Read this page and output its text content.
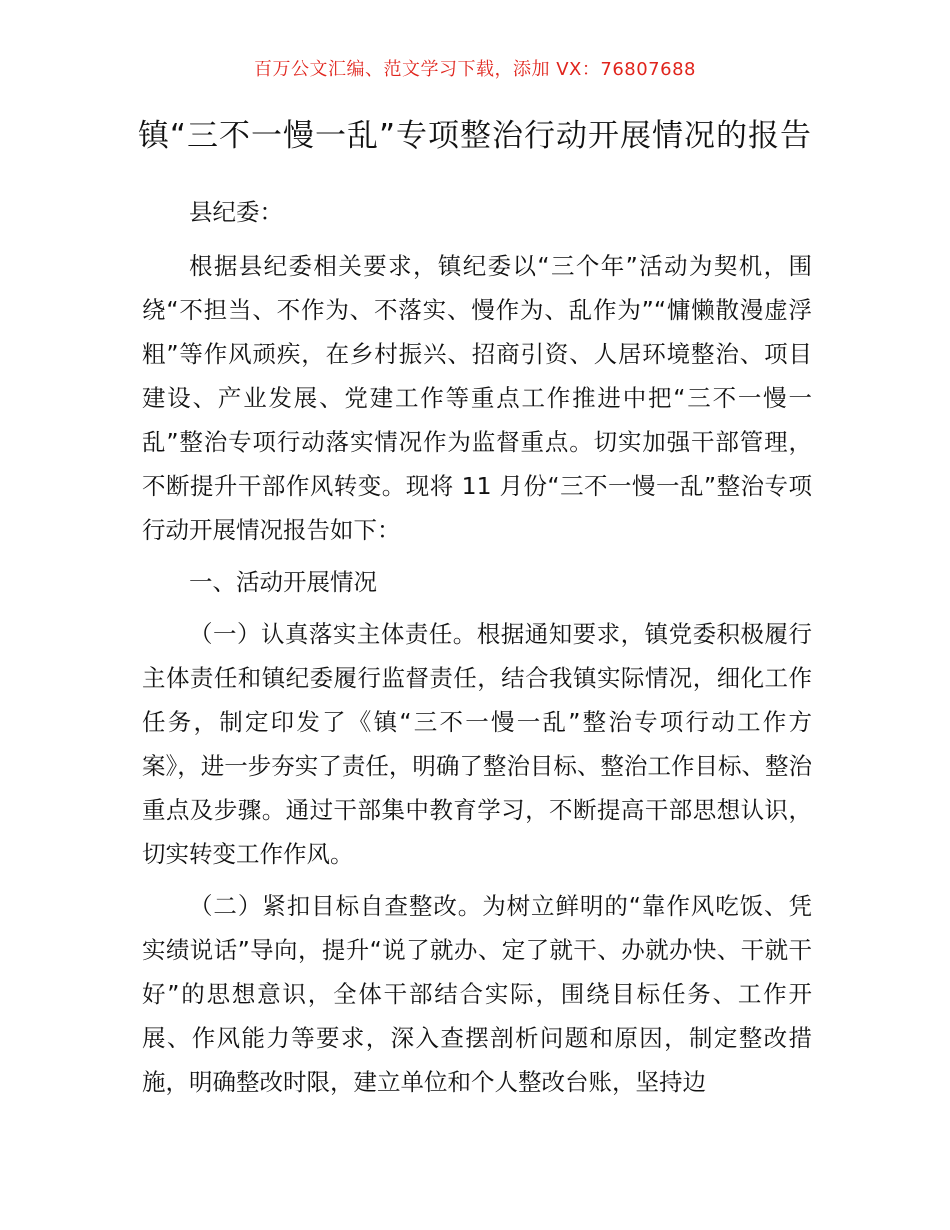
百万公文汇编、范文学习下载，添加 VX：76807688
镇“三不一慢一乱”专项整治行动开展情况的报告

县纪委：

根据县纪委相关要求，镇纪委以“三个年”活动为契机，围绕“不担当、不作为、不落实、慢作为、乱作为”“慵懒散漫虚浮粗”等作风顽疾，在乡村振兴、招商引资、人居环境整治、项目建设、产业发展、党建工作等重点工作推进中把“三不一慢一乱”整治专项行动落实情况作为监督重点。切实加强干部管理，不断提升干部作风转变。现将 11 月份“三不一慢一乱”整治专项行动开展情况报告如下：

一、活动开展情况

（一）认真落实主体责任。根据通知要求，镇党委积极履行主体责任和镇纪委履行监督责任，结合我镇实际情况，细化工作任务，制定印发了《镇“三不一慢一乱”整治专项行动工作方案》，进一步夯实了责任，明确了整治目标、整治工作目标、整治重点及步骤。通过干部集中教育学习，不断提高干部思想认识，切实转变工作作风。

（二）紧扣目标自查整改。为树立鲜明的“靠作风吃饭、凭实绩说话”导向，提升“说了就办、定了就干、办就办快、干就干好”的思想意识，全体干部结合实际，围绕目标任务、工作开展、作风能力等要求，深入查摆剖析问题和原因，制定整改措施，明确整改时限，建立单位和个人整改台账，坚持边
